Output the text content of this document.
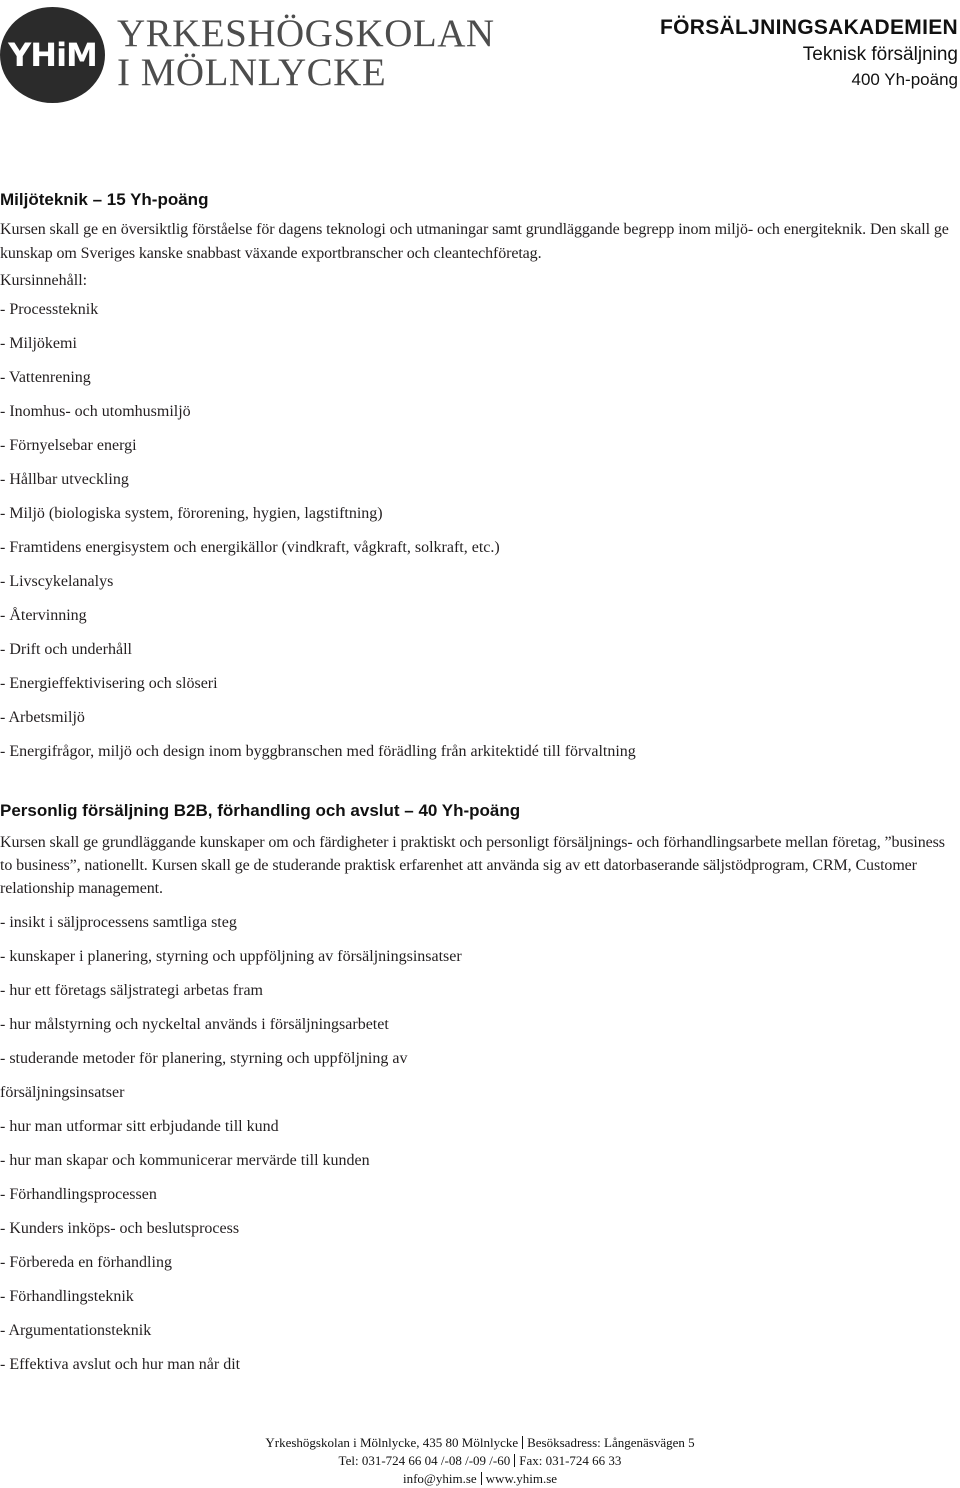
YHiM YRKESHÖGSKOLAN
I MÖLNLYCKE
FÖRSÄLJNINGSAKADEMIEN
Teknisk försäljning
400 Yh-poäng
Miljöteknik – 15 Yh-poäng

Kursen skall ge en översiktlig förståelse för dagens teknologi och utmaningar samt grundläggande begrepp inom miljö- och energiteknik. Den skall ge kunskap om Sveriges kanske snabbast växande exportbranscher och cleantechföretag.

Kursinnehåll:
- Processteknik
- Miljökemi
- Vattenrening
- Inomhus- och utomhusmiljö
- Förnyelsebar energi
- Hållbar utveckling
- Miljö (biologiska system, förorening, hygien, lagstiftning)
- Framtidens energisystem och energikällor (vindkraft, vågkraft, solkraft, etc.)
- Livscykelanalys
- Återvinning
- Drift och underhåll
- Energieffektivisering och slöseri
- Arbetsmiljö
- Energifrågor, miljö och design inom byggbranschen med förädling från arkitektidé till förvaltning
Personlig försäljning B2B, förhandling och avslut – 40 Yh-poäng

Kursen skall ge grundläggande kunskaper om och färdigheter i praktiskt och personligt försäljnings- och förhandlingsarbete mellan företag, ”business to business”, nationellt. Kursen skall ge de studerande praktisk erfarenhet att använda sig av ett datorbaserande säljstödprogram, CRM, Customer relationship management.

- insikt i säljprocessens samtliga steg
- kunskaper i planering, styrning och uppföljning av försäljningsinsatser
- hur ett företags säljstrategi arbetas fram
- hur målstyrning och nyckeltal används i försäljningsarbetet
- studerande metoder för planering, styrning och uppföljning av
försäljningsinsatser
- hur man utformar sitt erbjudande till kund
- hur man skapar och kommunicerar mervärde till kunden
- Förhandlingsprocessen
- Kunders inköps- och beslutsprocess
- Förbereda en förhandling
- Förhandlingsteknik
- Argumentationsteknik
- Effektiva avslut och hur man når dit
Yrkeshögskolan i Mölnlycke, 435 80 Mölnlycke Besöksadress: Långenäsvägen 5
Tel: 031-724 66 04 /-08 /-09 /-60 Fax: 031-724 66 33
info@yhim.se www.yhim.se
